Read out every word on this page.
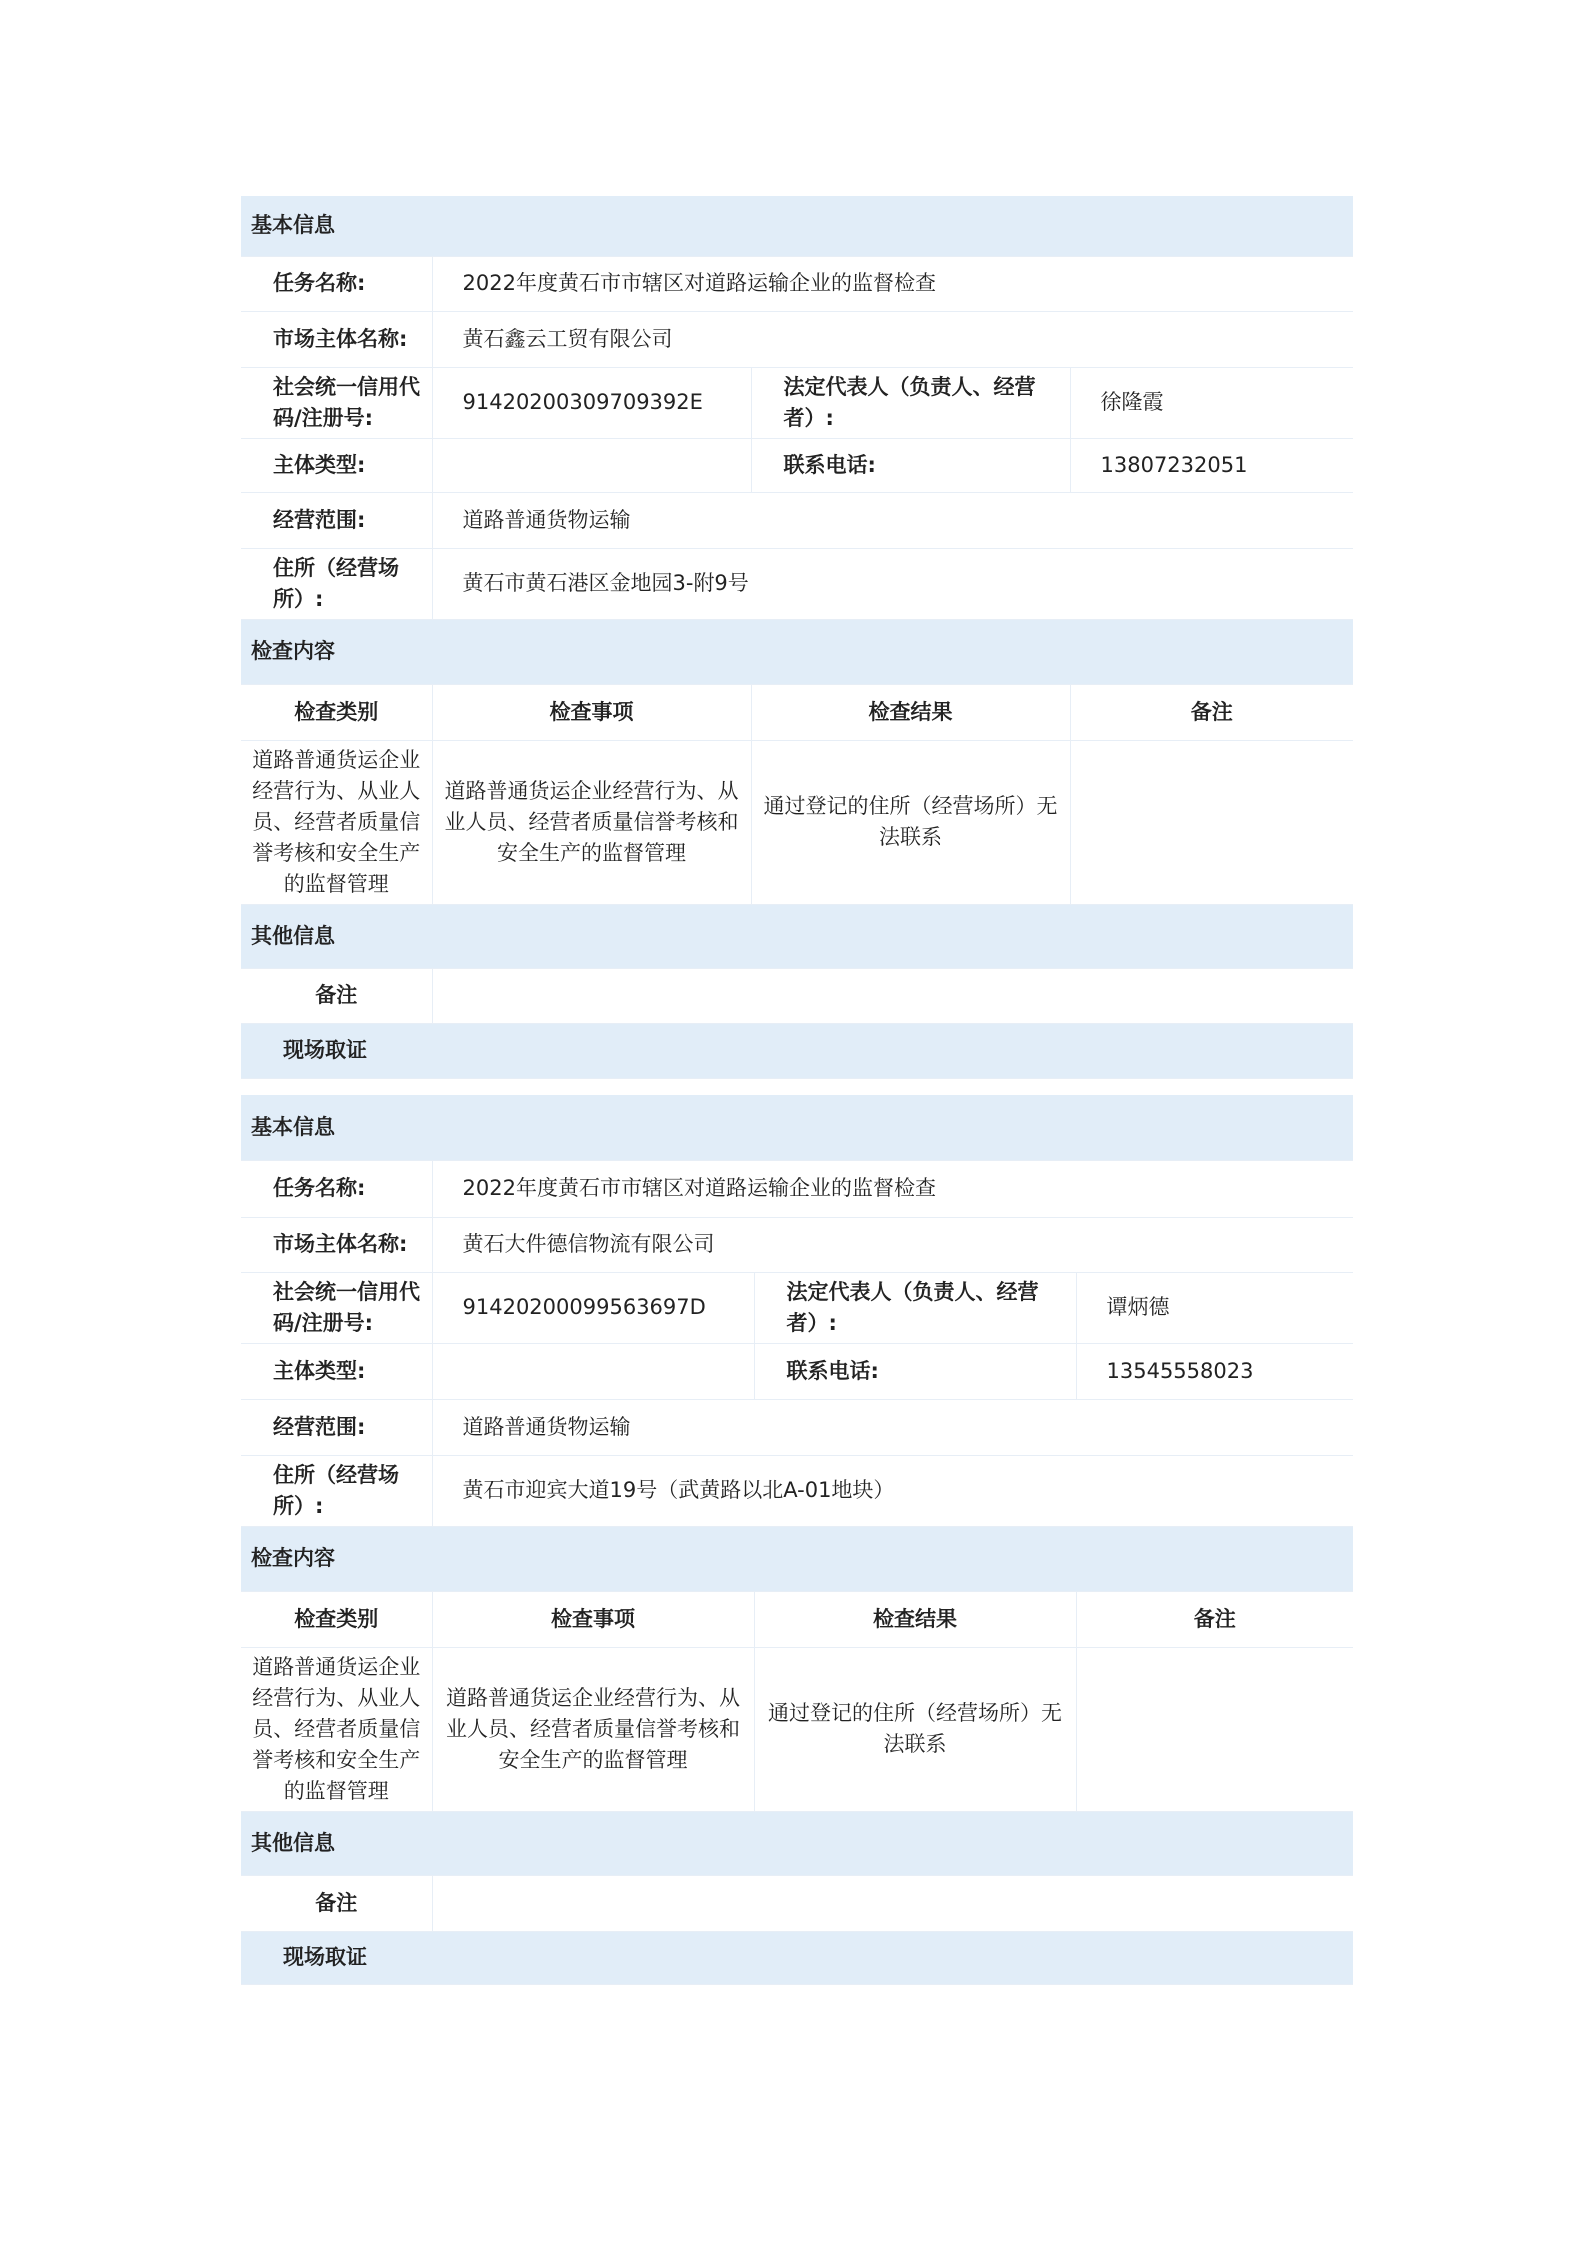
基本信息			
任务名称:	2022年度黄石市市辖区对道路运输企业的监督检查		
市场主体名称:	黄石鑫云工贸有限公司		
社会统一信用代码/注册号:	91420200309709392E	法定代表人（负责人、经营者）:	徐隆霞
主体类型:		联系电话:	13807232051
经营范围:	道路普通货物运输		
住所（经营场所）:	黄石市黄石港区金地园3-附9号		
检查内容			
检查类别	检查事项	检查结果	备注
道路普通货运企业经营行为、从业人员、经营者质量信誉考核和安全生产的监督管理	道路普通货运企业经营行为、从业人员、经营者质量信誉考核和安全生产的监督管理	通过登记的住所（经营场所）无法联系	
其他信息			
备注			
现场取证			
基本信息			
任务名称:	2022年度黄石市市辖区对道路运输企业的监督检查		
市场主体名称:	黄石大件德信物流有限公司		
社会统一信用代码/注册号:	91420200099563697D	法定代表人（负责人、经营者）:	谭炳德
主体类型:		联系电话:	13545558023
经营范围:	道路普通货物运输		
住所（经营场所）:	黄石市迎宾大道19号（武黄路以北A-01地块）		
检查内容			
检查类别	检查事项	检查结果	备注
道路普通货运企业经营行为、从业人员、经营者质量信誉考核和安全生产的监督管理	道路普通货运企业经营行为、从业人员、经营者质量信誉考核和安全生产的监督管理	通过登记的住所（经营场所）无法联系	
其他信息			
备注			
现场取证			
